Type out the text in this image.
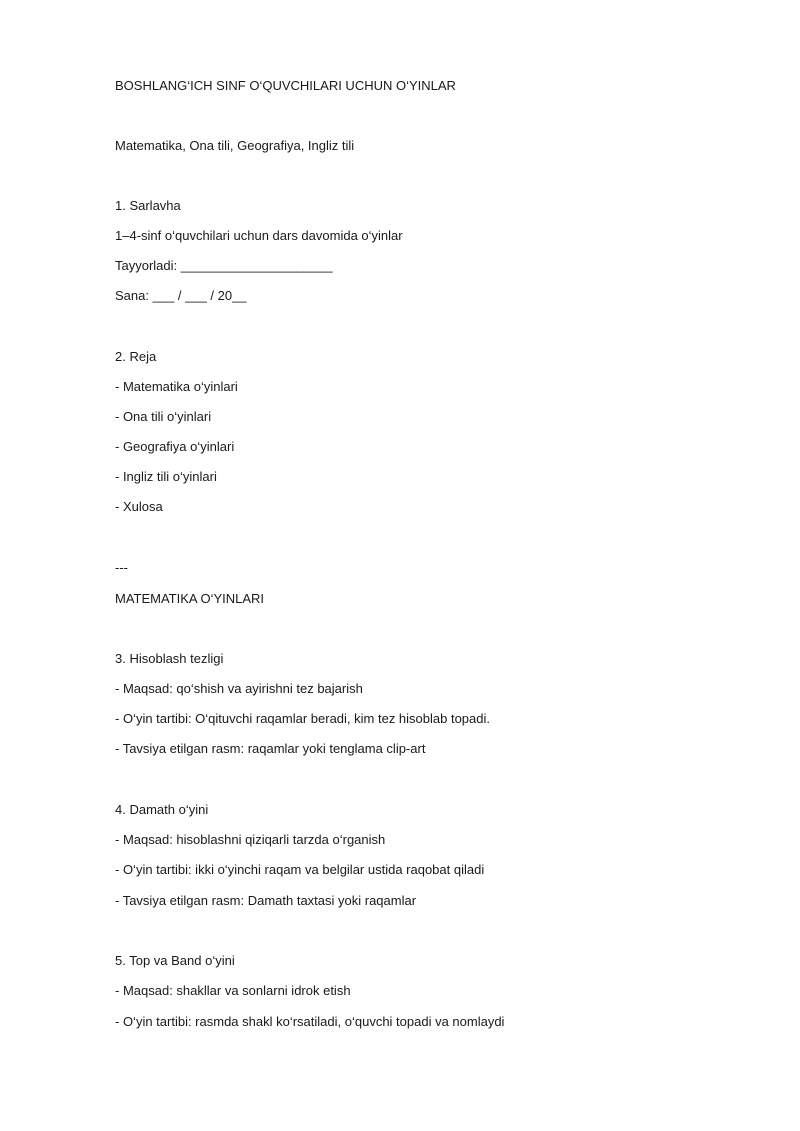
BOSHLANG‘ICH SINF O‘QUVCHILARI UCHUN O‘YINLAR
Matematika, Ona tili, Geografiya, Ingliz tili
1. Sarlavha
1–4-sinf o‘quvchilari uchun dars davomida o‘yinlar
Tayyorladi: _____________________
Sana: ___ / ___ / 20__
2. Reja
- Matematika o‘yinlari
- Ona tili o‘yinlari
- Geografiya o‘yinlari
- Ingliz tili o‘yinlari
- Xulosa
---
MATEMATIKA O‘YINLARI
3. Hisoblash tezligi
- Maqsad: qo‘shish va ayirishni tez bajarish
- O‘yin tartibi: O‘qituvchi raqamlar beradi, kim tez hisoblab topadi.
- Tavsiya etilgan rasm: raqamlar yoki tenglama clip-art
4. Damath o‘yini
- Maqsad: hisoblashni qiziqarli tarzda o‘rganish
- O‘yin tartibi: ikki o‘yinchi raqam va belgilar ustida raqobat qiladi
- Tavsiya etilgan rasm: Damath taxtasi yoki raqamlar
5. Top va Band o‘yini
- Maqsad: shakllar va sonlarni idrok etish
- O‘yin tartibi: rasmda shakl ko‘rsatiladi, o‘quvchi topadi va nomlaydi
